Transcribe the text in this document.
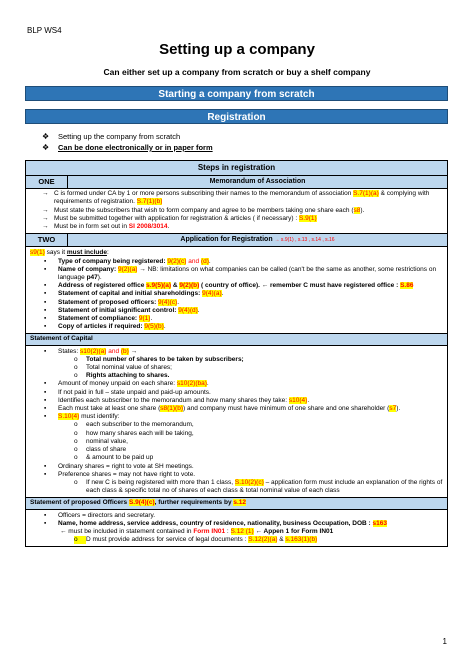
BLP WS4
Setting up a company
Can either set up a company from scratch or buy a shelf company
Starting a company from scratch
Registration
❖	Setting up the company from scratch
❖	Can be done electronically or in paper form
Steps in registration
ONE	Memorandum of Association
→ C is formed under CA by 1 or more persons subscribing their names to the memorandum of association S.7(1)(a) & complying with requirements of registration. S.7(1)(b)
→ Must state the subscribers that wish to form company and agree to be members taking one share each (s8).
→ Must be submitted together with application for registration & articles ( if necessary) : S.9(1)
→ Must be in form set out in SI 2008/3014.
TWO	Application for Registration → s.9(1) , s.13 , s.14 , s.16
s9(1) says it must include:
▪	Type of company being registered: 9(2)(c) and (d).
▪	Name of company: 9(2)(a) → NB: limitations on what companies can be called (can't be the same as another, some restrictions on language p47).
▪	Address of registered office s.9(5)(a) & 9(2)(b) ( country of office). ← remember C must have registered office : S.86
▪	Statement of capital and initial shareholdings: 9(4)(a).
▪	Statement of proposed officers: 9(4)(c).
▪	Statement of initial significant control: 9(4)(d).
▪	Statement of compliance: 9(1).
▪	Copy of articles if required: 9(5)(b).
Statement of Capital
▪	States: s10(2)(a) and (b) →
o	Total number of shares to be taken by subscribers;
o	Total nominal value of shares;
o	Rights attaching to shares.
▪	Amount of money unpaid on each share: s10(2)(ba).
▪	If not paid in full – state unpaid and paid-up amounts.
▪	Identifies each subscriber to the memorandum and how many shares they take: s10(4).
▪	Each must take at least one share (s8(1)(b)) and company must have minimum of one share and one shareholder (s7).
▪	S.10(4) must identify:
o	each subscriber to the memorandum,
o	how many shares each will be taking,
o	nominal value,
o	class of share
o	& amount to be paid up
▪	Ordinary shares = right to vote at SH meetings.
▪	Preference shares = may not have right to vote.
o	If new C is being registered with more than 1 class, S.10(2)(c) – application form must include an explanation of the rights of each class & specific total no of shares of each class & total nominal value of each class
Statement of proposed Officers S.9(4)(c), further requirements by s.12
▪	Officers = directors and secretary.
▪	Name, home address, service address, country of residence, nationality, business Occupation, DOB : s163
← must be included in statement contained in Form IN01 : S.12 (1) ← Appen 1 for Form IN01
o	D must provide address for service of legal documents : S.12(2)(a) & s.163(1)(b)
1
